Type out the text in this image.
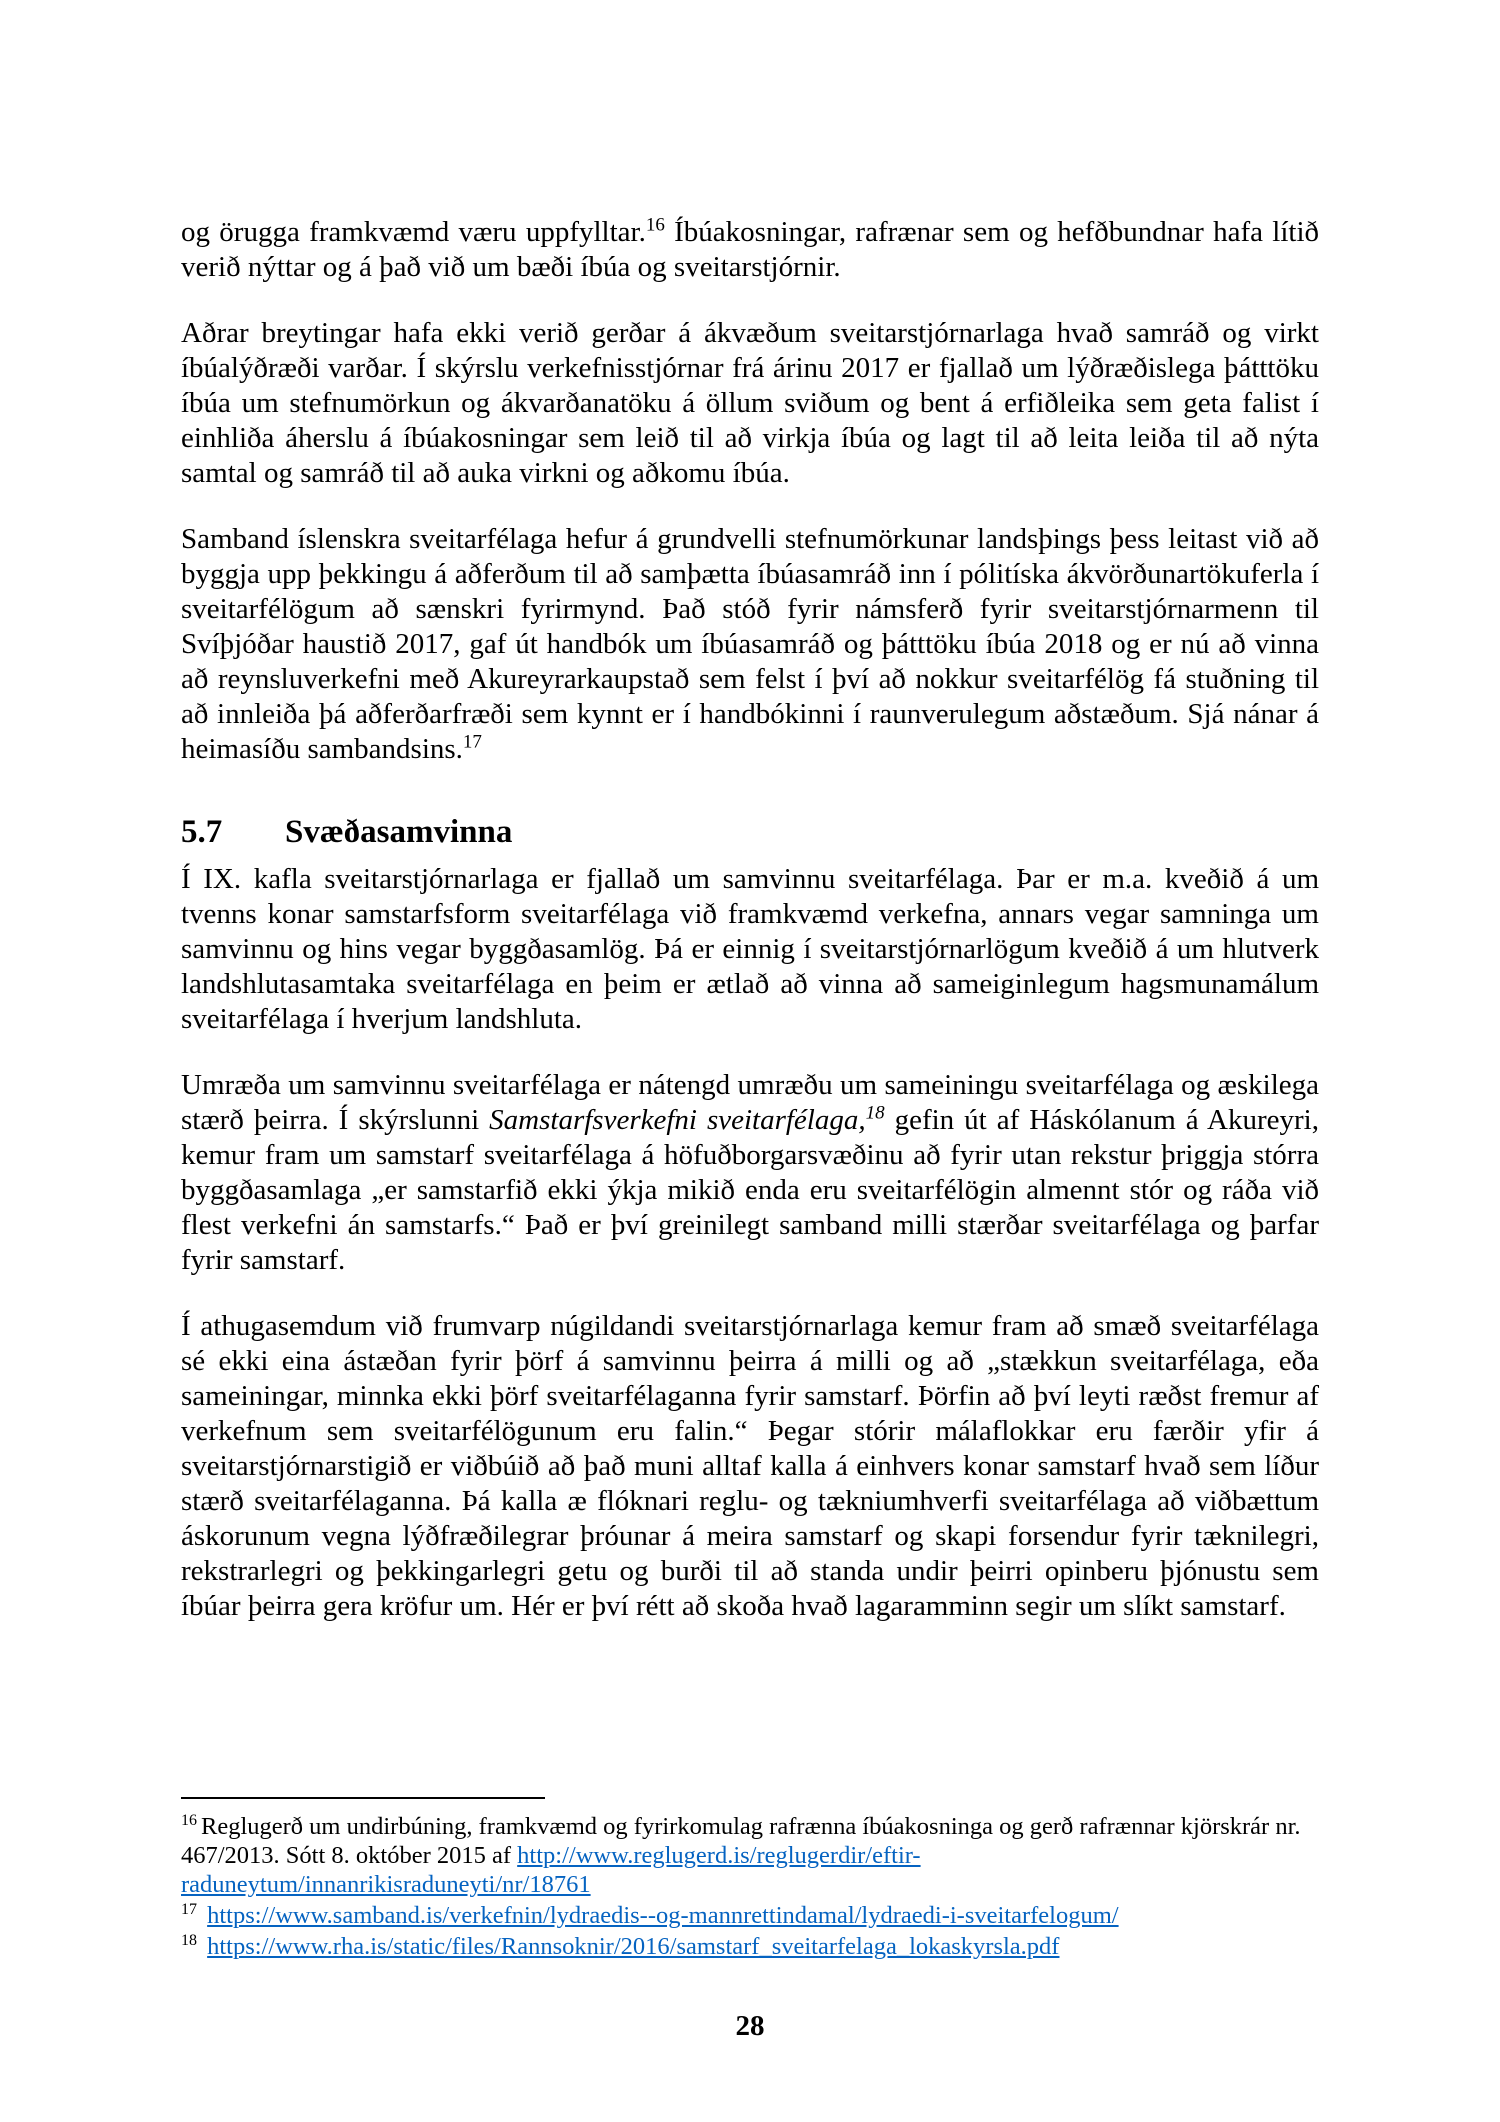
og örugga framkvæmd væru uppfylltar.$^{16}$ Íbúakosningar, rafrænar sem og hefðbundnar hafa lítið verið nýttar og á það við um bæði íbúa og sveitarstjórnir.

Aðrar breytingar hafa ekki verið gerðar á ákvæðum sveitarstjórnarlaga hvað samráð og virkt íbúalýðræði varðar. Í skýrslu verkefnisstjórnar frá árinu 2017 er fjallað um lýðræðislega þátttöku íbúa um stefnumörkun og ákvarðanatöku á öllum sviðum og bent á erfiðleika sem geta falist í einhliða áherslu á íbúakosningar sem leið til að virkja íbúa og lagt til að leita leiða til að nýta samtal og samráð til að auka virkni og aðkomu íbúa.

Samband íslenskra sveitarfélaga hefur á grundvelli stefnumörkunar landsþings þess leitast við að byggja upp þekkingu á aðferðum til að samþætta íbúasamráð inn í pólitíska ákvörðunartökuferla í sveitarfélögum að sænskri fyrirmynd. Það stóð fyrir námsferð fyrir sveitarstjórnarmenn til Svíþjóðar haustið 2017, gaf út handbók um íbúasamráð og þátttöku íbúa 2018 og er nú að vinna að reynsluverkefni með Akureyrarkaupstað sem felst í því að nokkur sveitarfélög fá stuðning til að innleiða þá aðferðarfræði sem kynnt er í handbókinni í raunverulegum aðstæðum. Sjá nánar á heimasíðu sambandsins.$^{17}$

5.7 Svæðasamvinna

Í IX. kafla sveitarstjórnarlaga er fjallað um samvinnu sveitarfélaga. Þar er m.a. kveðið á um tvenns konar samstarfsform sveitarfélaga við framkvæmd verkefna, annars vegar samninga um samvinnu og hins vegar byggðasamlög. Þá er einnig í sveitarstjórnarlögum kveðið á um hlutverk landshlutasamtaka sveitarfélaga en þeim er ætlað að vinna að sameiginlegum hagsmunamálum sveitarfélaga í hverjum landshluta.

Umræða um samvinnu sveitarfélaga er nátengd umræðu um sameiningu sveitarfélaga og æskilega stærð þeirra. Í skýrslunni Samstarfsverkefni sveitarfélaga,$^{18}$ gefin út af Háskólanum á Akureyri, kemur fram um samstarf sveitarfélaga á höfuðborgarsvæðinu að fyrir utan rekstur þriggja stórra byggðasamlaga „er samstarfið ekki ýkja mikið enda eru sveitarfélögin almennt stór og ráða við flest verkefni án samstarfs.“ Það er því greinilegt samband milli stærðar sveitarfélaga og þarfar fyrir samstarf.

Í athugasemdum við frumvarp núgildandi sveitarstjórnarlaga kemur fram að smæð sveitarfélaga sé ekki eina ástæðan fyrir þörf á samvinnu þeirra á milli og að „stækkun sveitarfélaga, eða sameiningar, minnka ekki þörf sveitarfélaganna fyrir samstarf. Þörfin að því leyti ræðst fremur af verkefnum sem sveitarfélögunum eru falin.“ Þegar stórir málaflokkar eru færðir yfir á sveitarstjórnarstigið er viðbúið að það muni alltaf kalla á einhvers konar samstarf hvað sem líður stærð sveitarfélaganna. Þá kalla æ flóknari reglu- og tækniumhverfi sveitarfélaga að viðbættum áskorunum vegna lýðfræðilegrar þróunar á meira samstarf og skapi forsendur fyrir tæknilegri, rekstrarlegri og þekkingarlegri getu og burði til að standa undir þeirri opinberu þjónustu sem íbúar þeirra gera kröfur um. Hér er því rétt að skoða hvað lagaramminn segir um slíkt samstarf.

$^{16}$ Reglugerð um undirbúning, framkvæmd og fyrirkomulag rafrænna íbúakosninga og gerð rafrænnar kjörskrár nr. 467/2013. Sótt 8. október 2015 af http://www.reglugerd.is/reglugerdir/eftir-raduneytum/innanrikisraduneyti/nr/18761
$^{17}$ https://www.samband.is/verkefnin/lydraedis--og-mannrettindamal/lydraedi-i-sveitarfelogum/
$^{18}$ https://www.rha.is/static/files/Rannsoknir/2016/samstarf_sveitarfelaga_lokaskyrsla.pdf
28
